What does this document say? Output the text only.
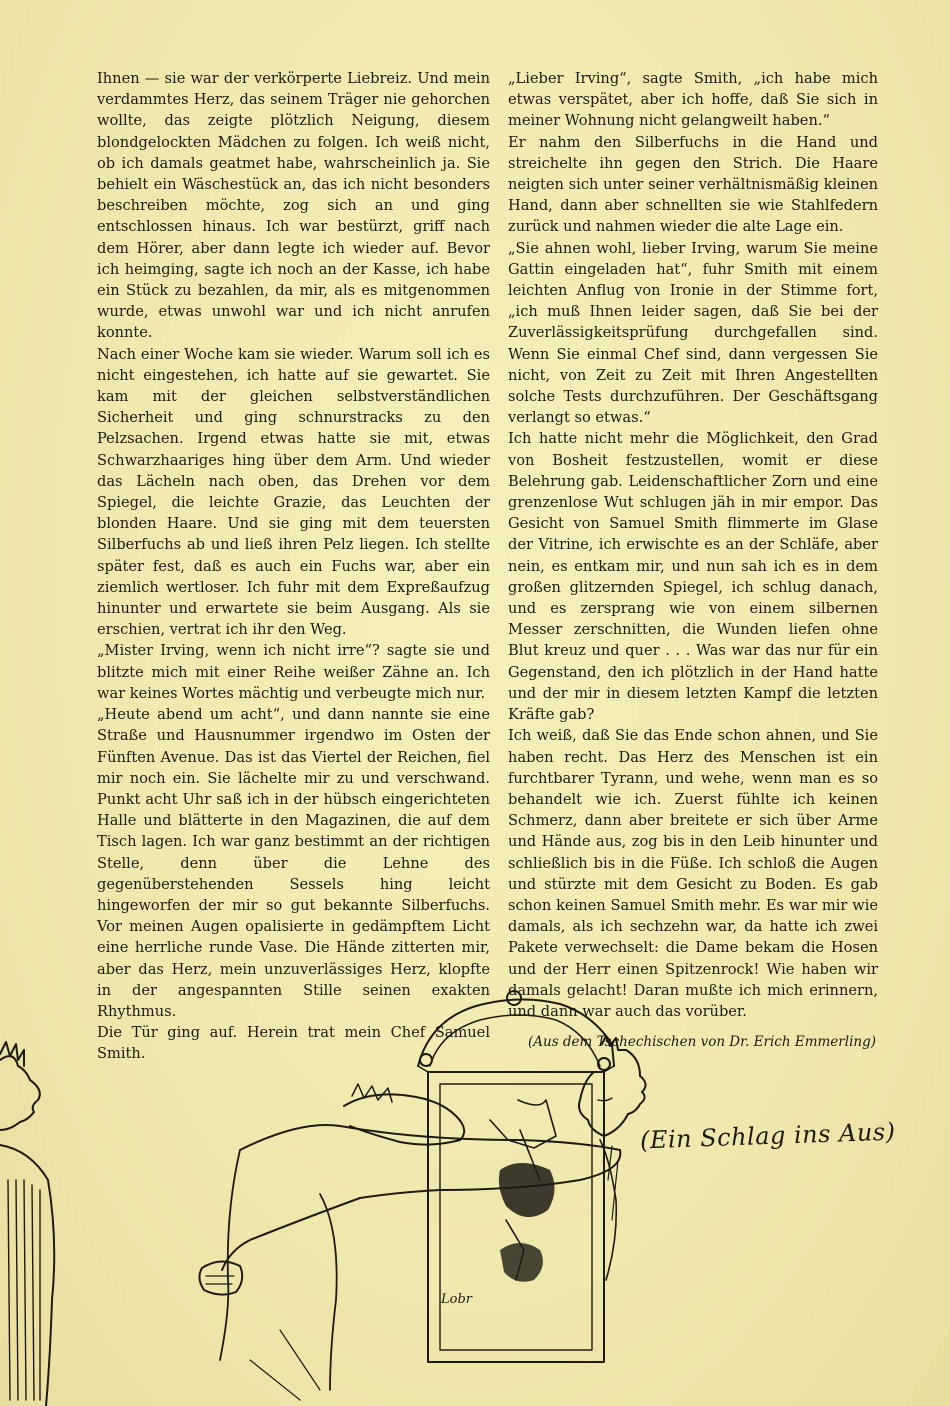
Ihnen — sie war der verkörperte Liebreiz. Und mein verdammtes Herz, das seinem Träger nie gehorchen wollte, das zeigte plötzlich Neigung, diesem blondgelockten Mädchen zu folgen. Ich weiß nicht, ob ich damals geatmet habe, wahrscheinlich ja. Sie behielt ein Wäschestück an, das ich nicht besonders beschreiben möchte, zog sich an und ging entschlossen hinaus. Ich war bestürzt, griff nach dem Hörer, aber dann legte ich wieder auf. Bevor ich heimging, sagte ich noch an der Kasse, ich habe ein Stück zu bezahlen, da mir, als es mitgenommen wurde, etwas unwohl war und ich nicht anrufen konnte.

Nach einer Woche kam sie wieder. Warum soll ich es nicht eingestehen, ich hatte auf sie gewartet. Sie kam mit der gleichen selbstverständlichen Sicherheit und ging schnurstracks zu den Pelzsachen. Irgend etwas hatte sie mit, etwas Schwarzhaariges hing über dem Arm. Und wieder das Lächeln nach oben, das Drehen vor dem Spiegel, die leichte Grazie, das Leuchten der blonden Haare. Und sie ging mit dem teuersten Silberfuchs ab und ließ ihren Pelz liegen. Ich stellte später fest, daß es auch ein Fuchs war, aber ein ziemlich wertloser. Ich fuhr mit dem Expreßaufzug hinunter und erwartete sie beim Ausgang. Als sie erschien, vertrat ich ihr den Weg.

„Mister Irving, wenn ich nicht irre“? sagte sie und blitzte mich mit einer Reihe weißer Zähne an. Ich war keines Wortes mächtig und verbeugte mich nur.

„Heute abend um acht“, und dann nannte sie eine Straße und Hausnummer irgendwo im Osten der Fünften Avenue. Das ist das Viertel der Reichen, fiel mir noch ein. Sie lächelte mir zu und verschwand. Punkt acht Uhr saß ich in der hübsch eingerichteten Halle und blätterte in den Magazinen, die auf dem Tisch lagen. Ich war ganz bestimmt an der richtigen Stelle, denn über die Lehne des gegenüberstehenden Sessels hing leicht hingeworfen der mir so gut bekannte Silberfuchs. Vor meinen Augen opalisierte in gedämpftem Licht eine herrliche runde Vase. Die Hände zitterten mir, aber das Herz, mein unzuverlässiges Herz, klopfte in der angespannten Stille seinen exakten Rhythmus.

Die Tür ging auf. Herein trat mein Chef Samuel Smith.

„Lieber Irving“, sagte Smith, „ich habe mich etwas verspätet, aber ich hoffe, daß Sie sich in meiner Wohnung nicht gelangweilt haben.“

Er nahm den Silberfuchs in die Hand und streichelte ihn gegen den Strich. Die Haare neigten sich unter seiner verhältnismäßig kleinen Hand, dann aber schnellten sie wie Stahlfedern zurück und nahmen wieder die alte Lage ein.

„Sie ahnen wohl, lieber Irving, warum Sie meine Gattin eingeladen hat“, fuhr Smith mit einem leichten Anflug von Ironie in der Stimme fort, „ich muß Ihnen leider sagen, daß Sie bei der Zuverlässigkeitsprüfung durchgefallen sind. Wenn Sie einmal Chef sind, dann vergessen Sie nicht, von Zeit zu Zeit mit Ihren Angestellten solche Tests durchzuführen. Der Geschäftsgang verlangt so etwas.“

Ich hatte nicht mehr die Möglichkeit, den Grad von Bosheit festzustellen, womit er diese Belehrung gab. Leidenschaftlicher Zorn und eine grenzenlose Wut schlugen jäh in mir empor. Das Gesicht von Samuel Smith flimmerte im Glase der Vitrine, ich erwischte es an der Schläfe, aber nein, es entkam mir, und nun sah ich es in dem großen glitzernden Spiegel, ich schlug danach, und es zersprang wie von einem silbernen Messer zerschnitten, die Wunden liefen ohne Blut kreuz und quer . . . Was war das nur für ein Gegenstand, den ich plötzlich in der Hand hatte und der mir in diesem letzten Kampf die letzten Kräfte gab?

Ich weiß, daß Sie das Ende schon ahnen, und Sie haben recht. Das Herz des Menschen ist ein furchtbarer Tyrann, und wehe, wenn man es so behandelt wie ich. Zuerst fühlte ich keinen Schmerz, dann aber breitete er sich über Arme und Hände aus, zog bis in den Leib hinunter und schließlich bis in die Füße. Ich schloß die Augen und stürzte mit dem Gesicht zu Boden. Es gab schon keinen Samuel Smith mehr. Es war mir wie damals, als ich sechzehn war, da hatte ich zwei Pakete verwechselt: die Dame bekam die Hosen und der Herr einen Spitzenrock! Wie haben wir damals gelacht! Daran mußte ich mich erinnern, und dann war auch das vorüber.

(Aus dem Tschechischen von Dr. Erich Emmerling)

Lobr
(Ein Schlag ins Aus)
